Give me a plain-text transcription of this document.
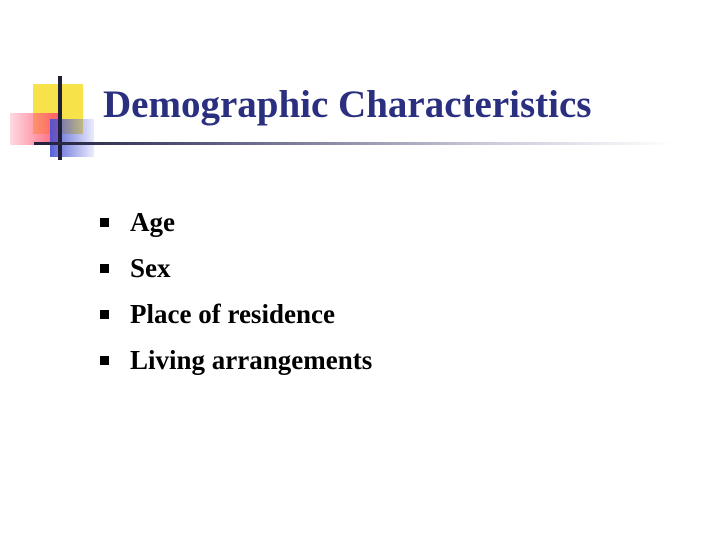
Demographic Characteristics
Age
Sex
Place of residence
Living arrangements
